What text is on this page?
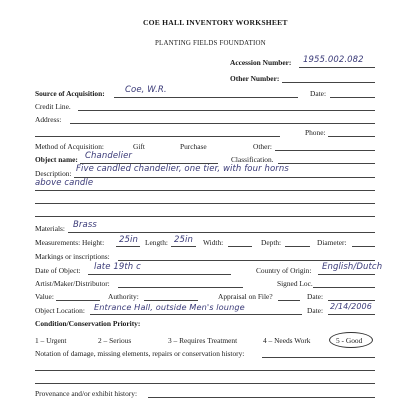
COE HALL INVENTORY WORKSHEET
PLANTING FIELDS FOUNDATION
Accession Number: 1955.002.082
Other Number:
Source of Acquisition: Coe, W.R.	Date:
Credit Line.
Address:
Phone:
Method of Acquisition:	Gift	Purchase	Other:
Object name: Chandelier	Classification.
Description: Five candled chandelier, one tier, with four horns
above candle
Materials: Brass
Measurements: Height: 25in Length: 25in Width:	Depth:	Diameter:
Markings or inscriptions:
Date of Object: late 19th c	Country of Origin: English/Dutch
Artist/Maker/Distributor:	Signed Loc.
Value:	Authority:	Appraisal on File?	Date:
Object Location: Entrance Hall, outside Men's lounge	Date: 2/14/2006
Condition/Conservation Priority:
1 – Urgent	2 – Serious	3 – Requires Treatment	4 – Needs Work	5 - Good
Notation of damage, missing elements, repairs or conservation history:
Provenance and/or exhibit history:
